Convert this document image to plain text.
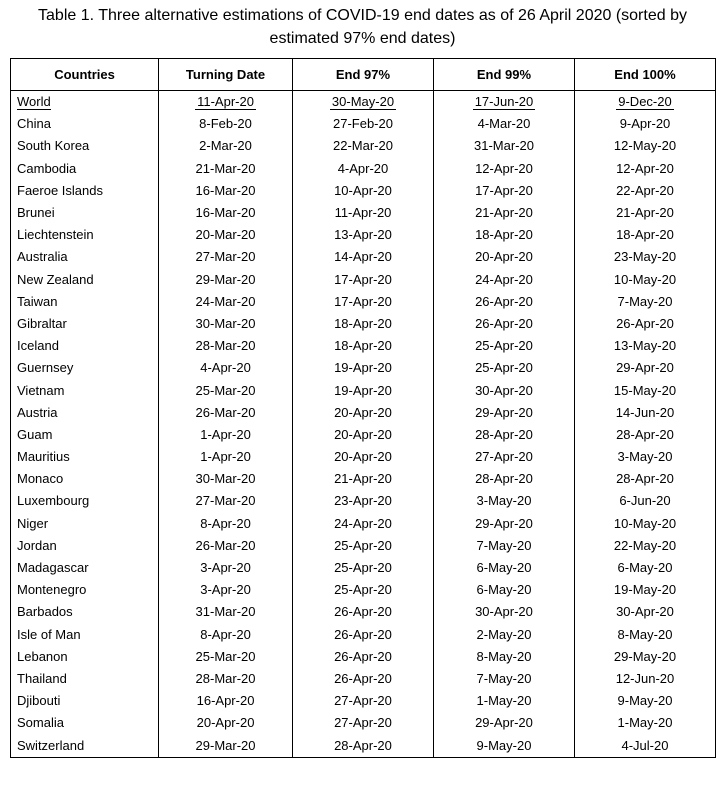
Table 1. Three alternative estimations of COVID-19 end dates as of 26 April 2020 (sorted by
estimated 97% end dates)
Countries	Turning Date	End 97%	End 99%	End 100%
World	11-Apr-20	30-May-20	17-Jun-20	9-Dec-20
China	8-Feb-20	27-Feb-20	4-Mar-20	9-Apr-20
South Korea	2-Mar-20	22-Mar-20	31-Mar-20	12-May-20
Cambodia	21-Mar-20	4-Apr-20	12-Apr-20	12-Apr-20
Faeroe Islands	16-Mar-20	10-Apr-20	17-Apr-20	22-Apr-20
Brunei	16-Mar-20	11-Apr-20	21-Apr-20	21-Apr-20
Liechtenstein	20-Mar-20	13-Apr-20	18-Apr-20	18-Apr-20
Australia	27-Mar-20	14-Apr-20	20-Apr-20	23-May-20
New Zealand	29-Mar-20	17-Apr-20	24-Apr-20	10-May-20
Taiwan	24-Mar-20	17-Apr-20	26-Apr-20	7-May-20
Gibraltar	30-Mar-20	18-Apr-20	26-Apr-20	26-Apr-20
Iceland	28-Mar-20	18-Apr-20	25-Apr-20	13-May-20
Guernsey	4-Apr-20	19-Apr-20	25-Apr-20	29-Apr-20
Vietnam	25-Mar-20	19-Apr-20	30-Apr-20	15-May-20
Austria	26-Mar-20	20-Apr-20	29-Apr-20	14-Jun-20
Guam	1-Apr-20	20-Apr-20	28-Apr-20	28-Apr-20
Mauritius	1-Apr-20	20-Apr-20	27-Apr-20	3-May-20
Monaco	30-Mar-20	21-Apr-20	28-Apr-20	28-Apr-20
Luxembourg	27-Mar-20	23-Apr-20	3-May-20	6-Jun-20
Niger	8-Apr-20	24-Apr-20	29-Apr-20	10-May-20
Jordan	26-Mar-20	25-Apr-20	7-May-20	22-May-20
Madagascar	3-Apr-20	25-Apr-20	6-May-20	6-May-20
Montenegro	3-Apr-20	25-Apr-20	6-May-20	19-May-20
Barbados	31-Mar-20	26-Apr-20	30-Apr-20	30-Apr-20
Isle of Man	8-Apr-20	26-Apr-20	2-May-20	8-May-20
Lebanon	25-Mar-20	26-Apr-20	8-May-20	29-May-20
Thailand	28-Mar-20	26-Apr-20	7-May-20	12-Jun-20
Djibouti	16-Apr-20	27-Apr-20	1-May-20	9-May-20
Somalia	20-Apr-20	27-Apr-20	29-Apr-20	1-May-20
Switzerland	29-Mar-20	28-Apr-20	9-May-20	4-Jul-20
